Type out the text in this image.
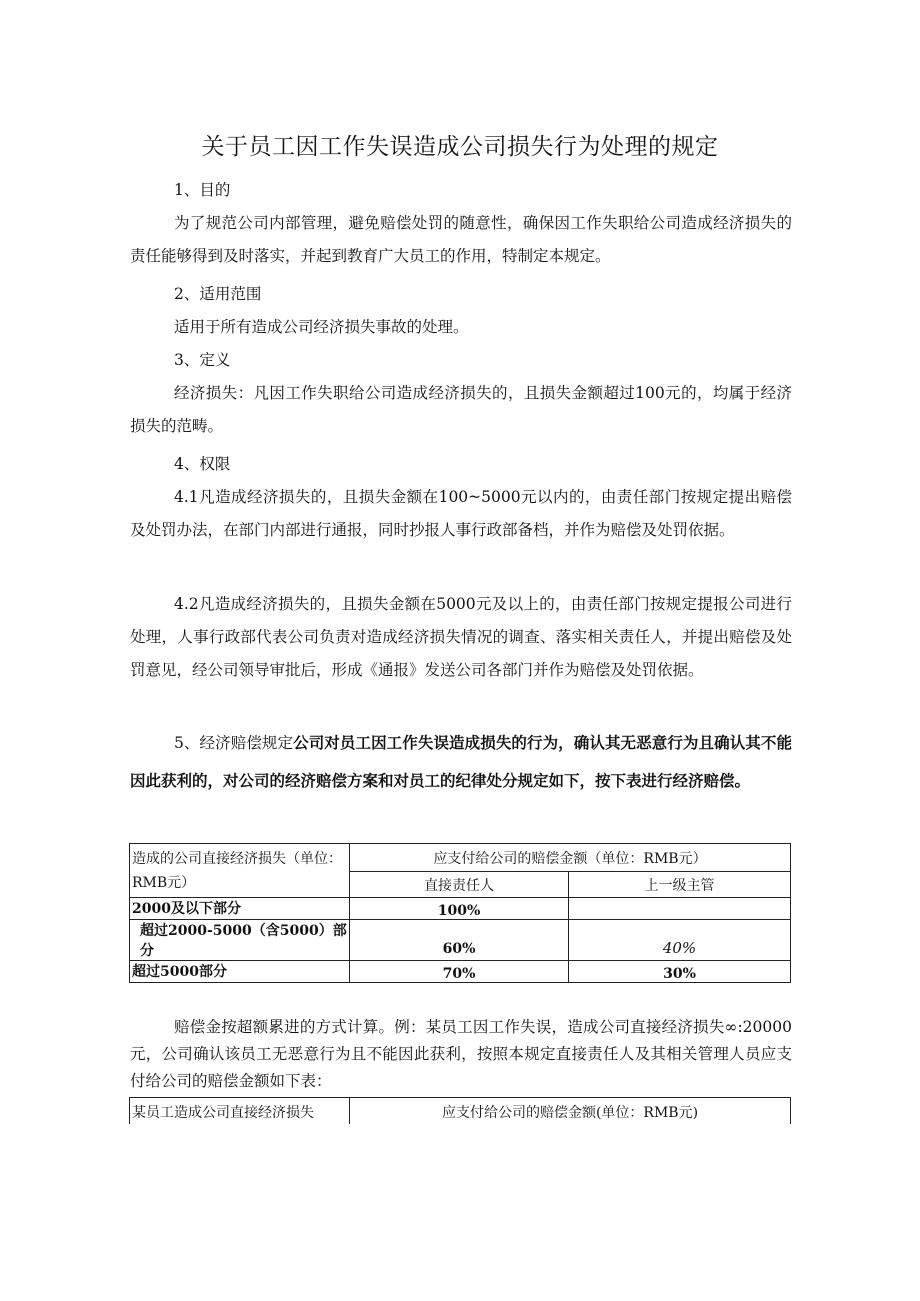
关于员工因工作失误造成公司损失行为处理的规定

1、目的

为了规范公司内部管理，避免赔偿处罚的随意性，确保因工作失职给公司造成经济损失的责任能够得到及时落实，并起到教育广大员工的作用，特制定本规定。

2、适用范围

适用于所有造成公司经济损失事故的处理。

3、定义

经济损失：凡因工作失职给公司造成经济损失的，且损失金额超过100元的，均属于经济损失的范畴。

4、权限

4.1凡造成经济损失的，且损失金额在100~5000元以内的，由责任部门按规定提出赔偿及处罚办法，在部门内部进行通报，同时抄报人事行政部备档，并作为赔偿及处罚依据。

4.2凡造成经济损失的，且损失金额在5000元及以上的，由责任部门按规定提报公司进行处理，人事行政部代表公司负责对造成经济损失情况的调查、落实相关责任人，并提出赔偿及处罚意见，经公司领导审批后，形成《通报》发送公司各部门并作为赔偿及处罚依据。

5、经济赔偿规定公司对员工因工作失误造成损失的行为，确认其无恶意行为且确认其不能因此获利的，对公司的经济赔偿方案和对员工的纪律处分规定如下，按下表进行经济赔偿。

造成的公司直接经济损失（单位：RMB元）	应支付给公司的赔偿金额（单位：RMB元）	
	直接责任人	上一级主管
2000及以下部分	100%	
超过2000-5000（含5000）部分	60%	40%
超过5000部分	70%	30%

赔偿金按超额累进的方式计算。例：某员工因工作失误，造成公司直接经济损失∞:20000元，公司确认该员工无恶意行为且不能因此获利，按照本规定直接责任人及其相关管理人员应支付给公司的赔偿金额如下表：

某员工造成公司直接经济损失	应支付给公司的赔偿金额(单位：RMB元)
